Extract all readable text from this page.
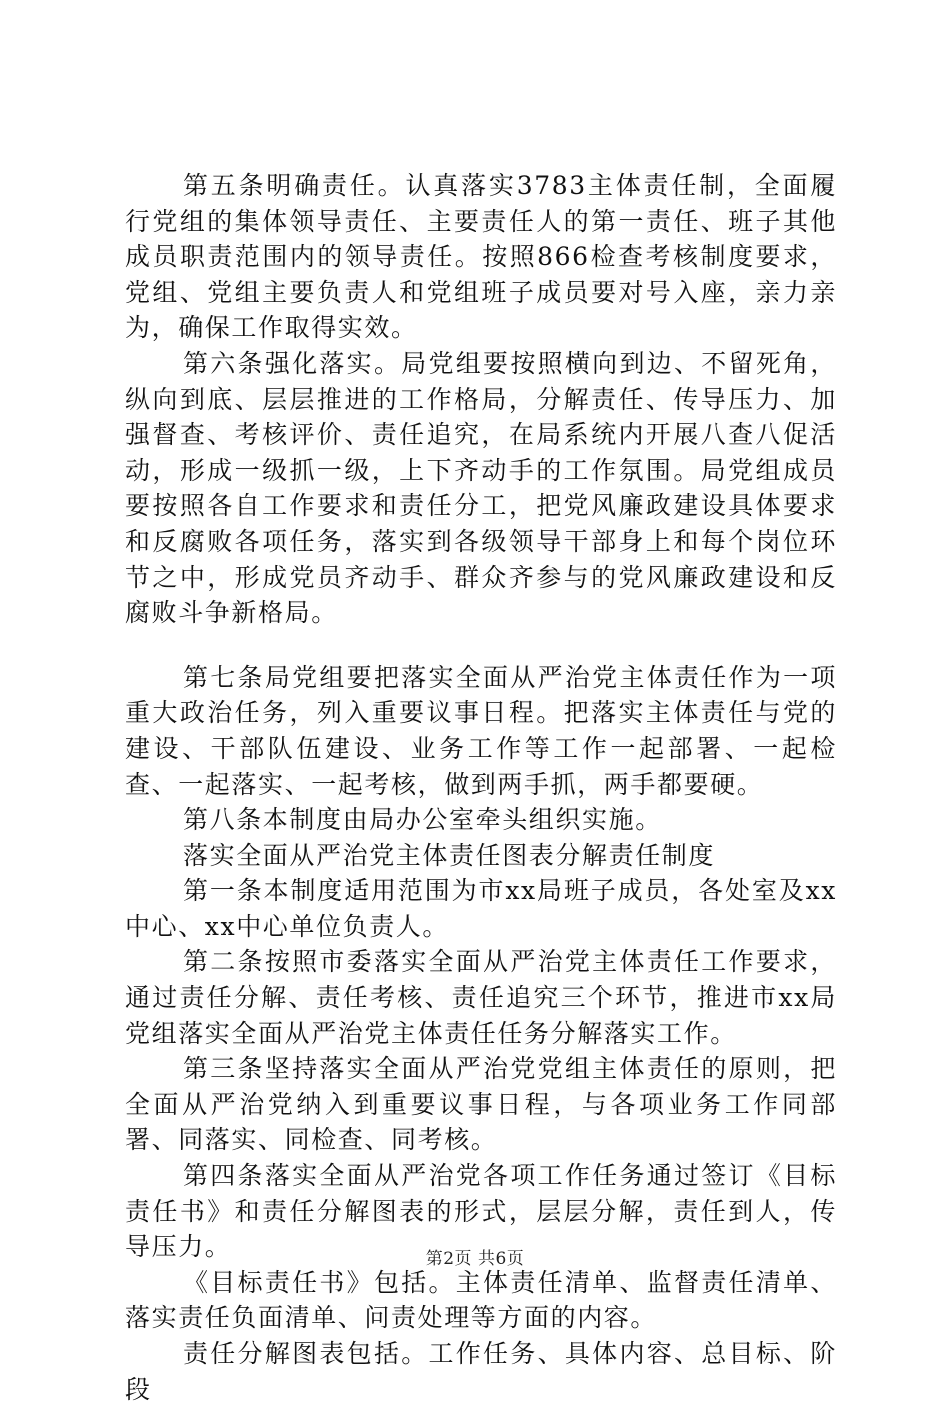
第五条明确责任。认真落实3783主体责任制，全面履行党组的集体领导责任、主要责任人的第一责任、班子其他成员职责范围内的领导责任。按照866检查考核制度要求，党组、党组主要负责人和党组班子成员要对号入座，亲力亲为，确保工作取得实效。

第六条强化落实。局党组要按照横向到边、不留死角，纵向到底、层层推进的工作格局，分解责任、传导压力、加强督查、考核评价、责任追究，在局系统内开展八查八促活动，形成一级抓一级，上下齐动手的工作氛围。局党组成员要按照各自工作要求和责任分工，把党风廉政建设具体要求和反腐败各项任务，落实到各级领导干部身上和每个岗位环节之中，形成党员齐动手、群众齐参与的党风廉政建设和反腐败斗争新格局。

第七条局党组要把落实全面从严治党主体责任作为一项重大政治任务，列入重要议事日程。把落实主体责任与党的建设、干部队伍建设、业务工作等工作一起部署、一起检查、一起落实、一起考核，做到两手抓，两手都要硬。

第八条本制度由局办公室牵头组织实施。

落实全面从严治党主体责任图表分解责任制度

第一条本制度适用范围为市xx局班子成员，各处室及xx中心、xx中心单位负责人。

第二条按照市委落实全面从严治党主体责任工作要求，通过责任分解、责任考核、责任追究三个环节，推进市xx局党组落实全面从严治党主体责任任务分解落实工作。

第三条坚持落实全面从严治党党组主体责任的原则，把全面从严治党纳入到重要议事日程，与各项业务工作同部署、同落实、同检查、同考核。

第四条落实全面从严治党各项工作任务通过签订《目标责任书》和责任分解图表的形式，层层分解，责任到人，传导压力。

《目标责任书》包括。主体责任清单、监督责任清单、落实责任负面清单、问责处理等方面的内容。

责任分解图表包括。工作任务、具体内容、总目标、阶段

第2页 共6页
